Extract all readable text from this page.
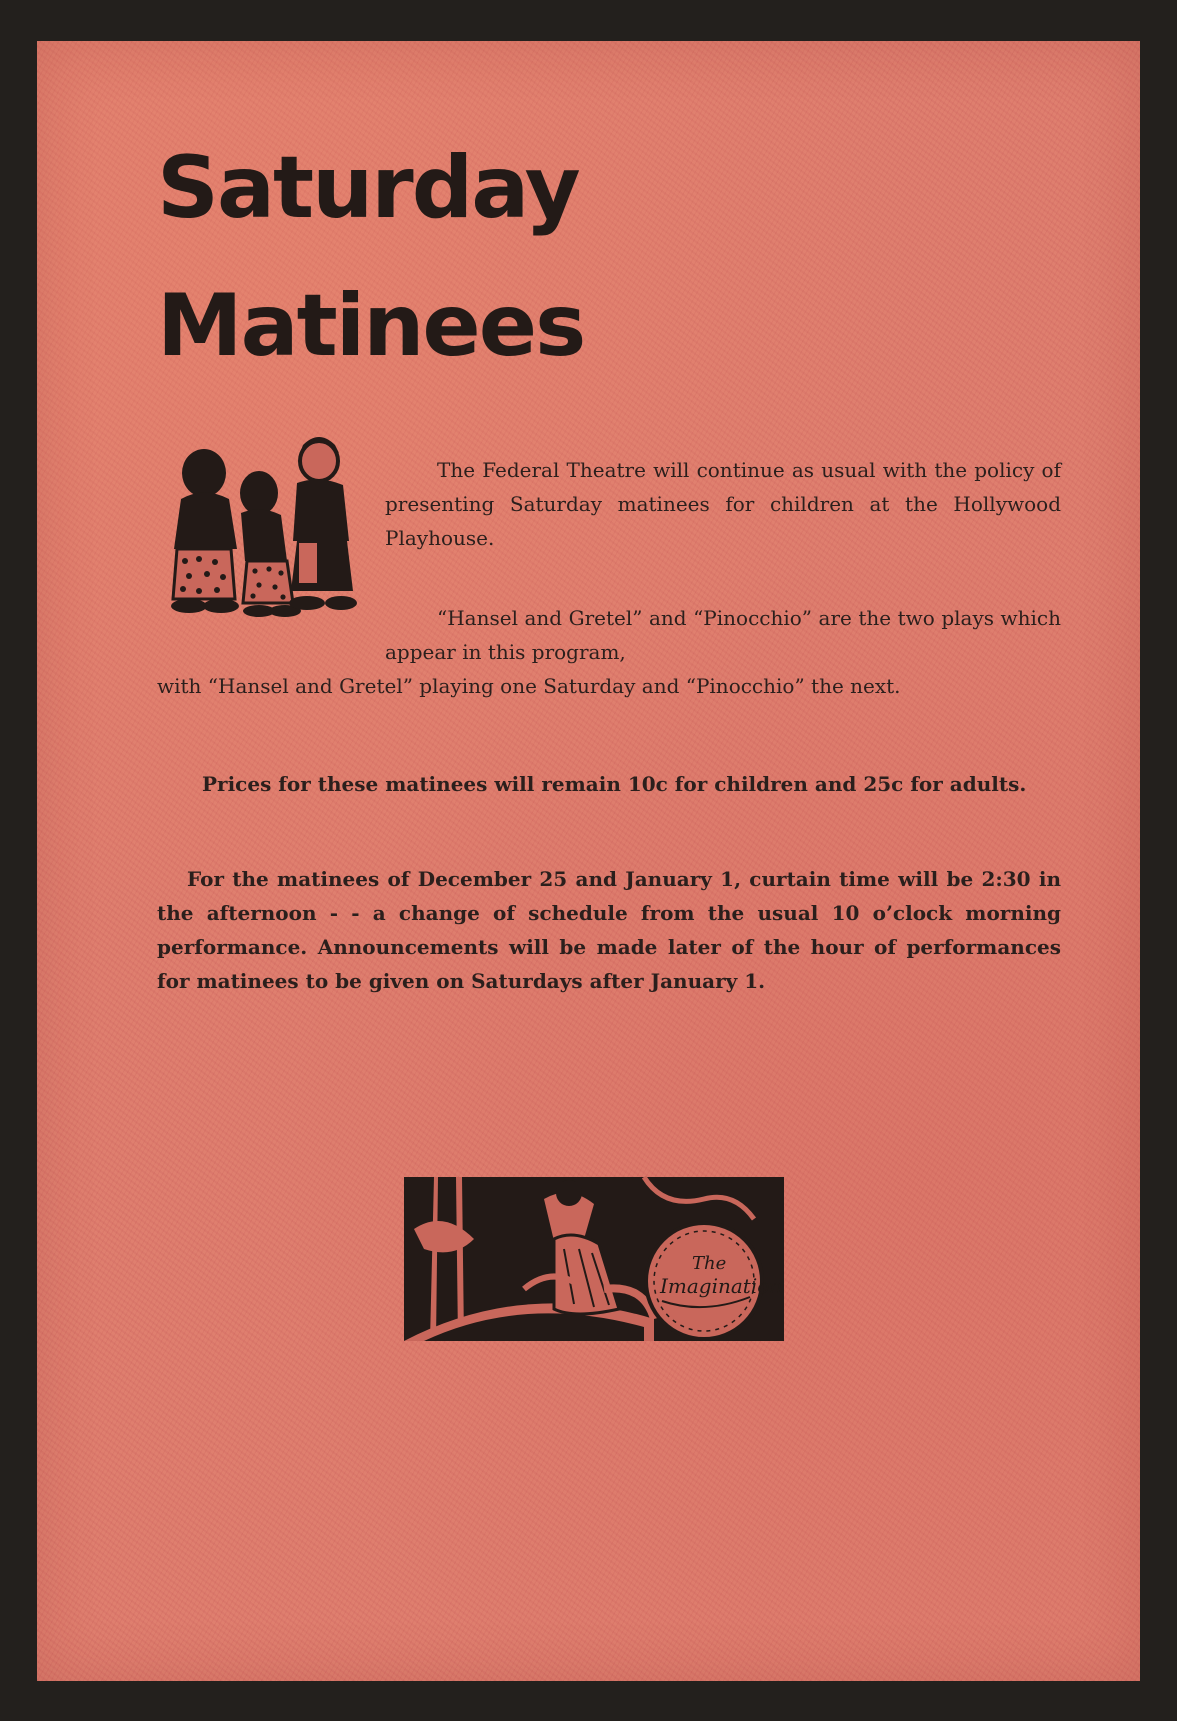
Saturday
Matinees

The Federal Theatre will continue as usual with the policy of presenting Saturday matinees for children at the Hollywood Playhouse.

“Hansel and Gretel” and “Pinocchio” are the two plays which appear in this program,

with “Hansel and Gretel” playing one Saturday and “Pinocchio” the next.

Prices for these matinees will remain 10c for children and 25c for adults.

For the matinees of December 25 and January 1, curtain time will be 2:30 in the afternoon - - a change of schedule from the usual 10 o’clock morning performance. Announcements will be made later of the hour of performances for matinees to be given on Saturdays after January 1.

The
Imagination
